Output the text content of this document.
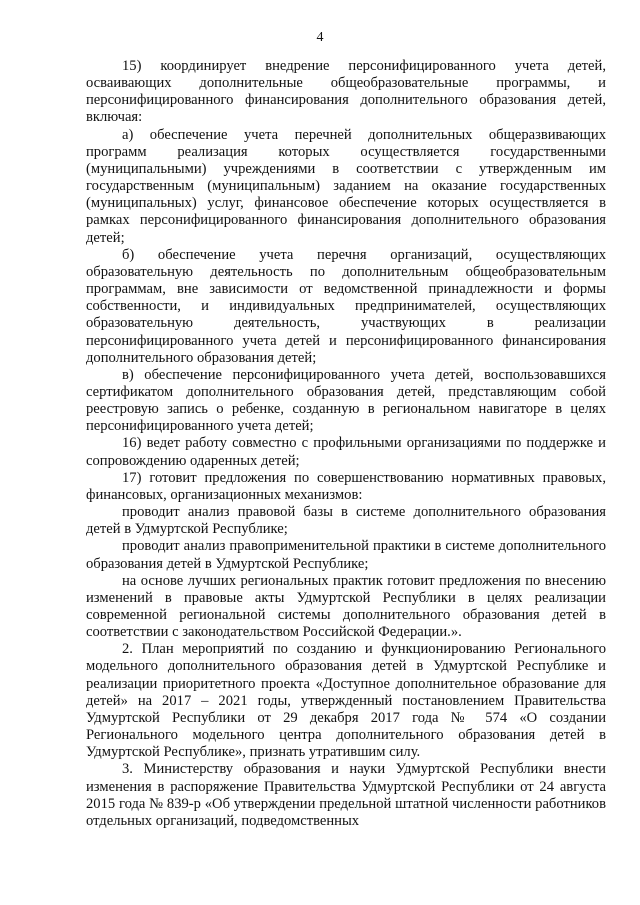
4

15) координирует внедрение персонифицированного учета детей, осваивающих дополнительные общеобразовательные программы, и персонифицированного финансирования дополнительного образования детей, включая:

а) обеспечение учета перечней дополнительных общеразвивающих программ реализация которых осуществляется государственными (муниципальными) учреждениями в соответствии с утвержденным им государственным (муниципальным) заданием на оказание государственных (муниципальных) услуг, финансовое обеспечение которых осуществляется в рамках персонифицированного финансирования дополнительного образования детей;

б) обеспечение учета перечня организаций, осуществляющих образовательную деятельность по дополнительным общеобразовательным программам, вне зависимости от ведомственной принадлежности и формы собственности, и индивидуальных предпринимателей, осуществляющих образовательную деятельность, участвующих в реализации персонифицированного учета детей и персонифицированного финансирования дополнительного образования детей;

в) обеспечение персонифицированного учета детей, воспользовавшихся сертификатом дополнительного образования детей, представляющим собой реестровую запись о ребенке, созданную в региональном навигаторе в целях персонифицированного учета детей;

16) ведет работу совместно с профильными организациями по поддержке и сопровождению одаренных детей;

17) готовит предложения по совершенствованию нормативных правовых, финансовых, организационных механизмов:

проводит анализ правовой базы в системе дополнительного образования детей в Удмуртской Республике;

проводит анализ правоприменительной практики в системе дополнительного образования детей в Удмуртской Республике;

на основе лучших региональных практик готовит предложения по внесению изменений в правовые акты Удмуртской Республики в целях реализации современной региональной системы дополнительного образования детей в соответствии с законодательством Российской Федерации.».

2. План мероприятий по созданию и функционированию Регионального модельного дополнительного образования детей в Удмуртской Республике и реализации приоритетного проекта «Доступное дополнительное образование для детей» на 2017 – 2021 годы, утвержденный постановлением Правительства Удмуртской Республики от 29 декабря 2017 года № 574 «О создании Регионального модельного центра дополнительного образования детей в Удмуртской Республике», признать утратившим силу.

3. Министерству образования и науки Удмуртской Республики внести изменения в распоряжение Правительства Удмуртской Республики от 24 августа 2015 года № 839-р «Об утверждении предельной штатной численности работников отдельных организаций, подведомственных
